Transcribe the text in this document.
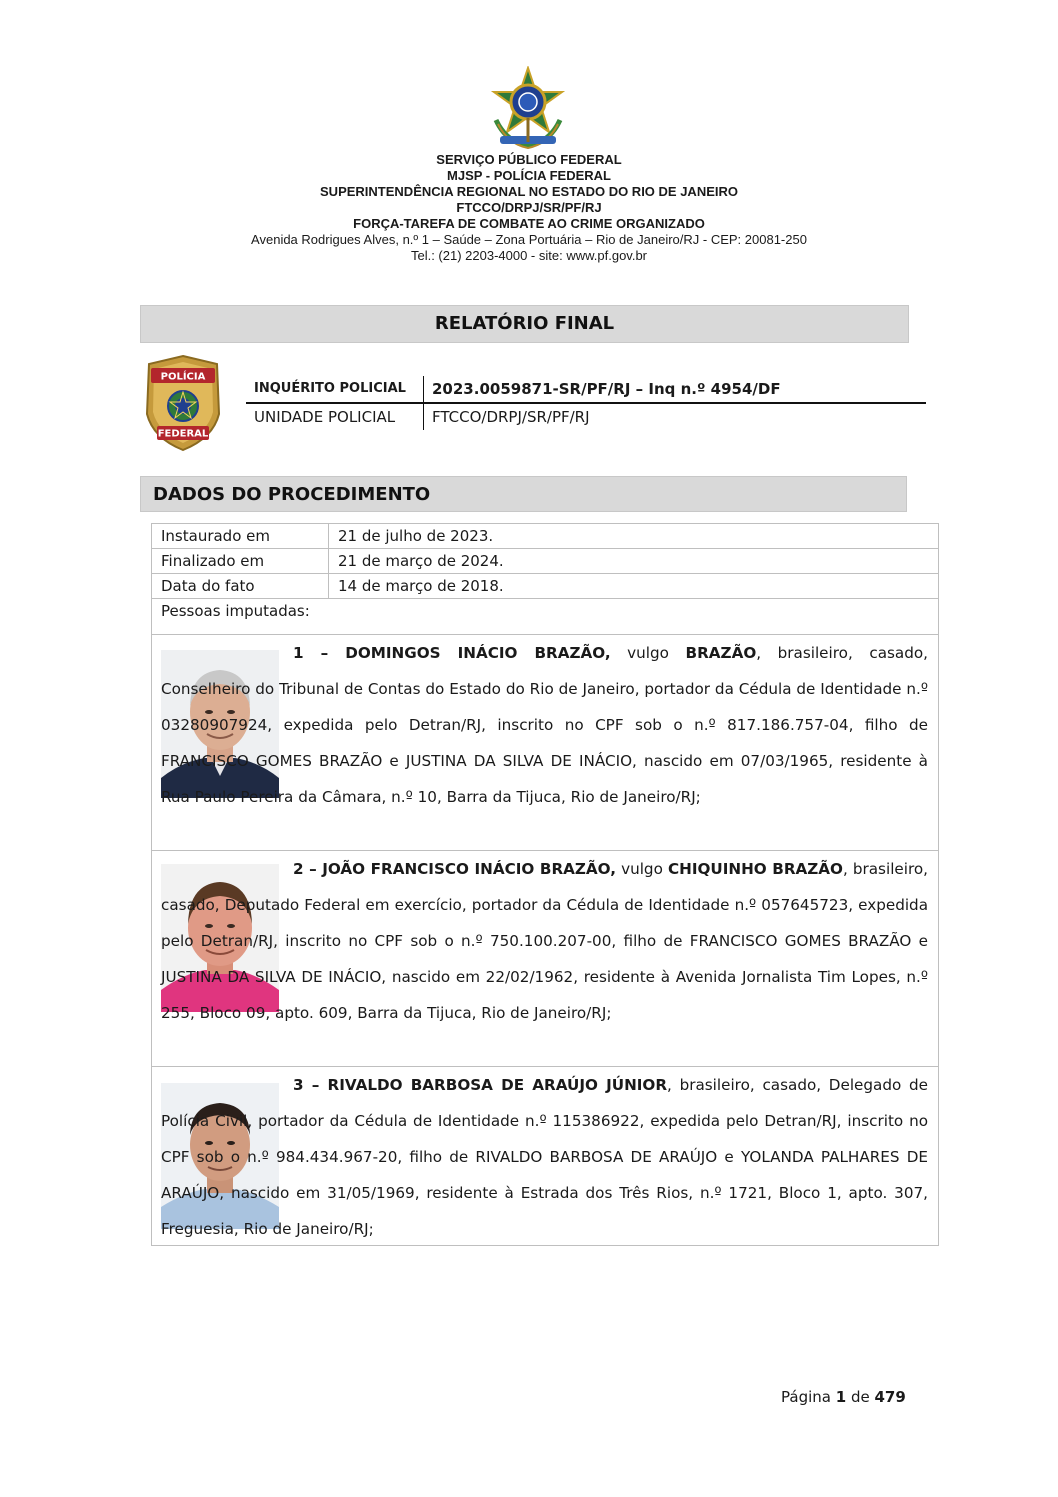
SERVIÇO PÚBLICO FEDERAL
MJSP - POLÍCIA FEDERAL
SUPERINTENDÊNCIA REGIONAL NO ESTADO DO RIO DE JANEIRO
FTCCO/DRPJ/SR/PF/RJ
FORÇA-TAREFA DE COMBATE AO CRIME ORGANIZADO
Avenida Rodrigues Alves, n.º 1 – Saúde – Zona Portuária – Rio de Janeiro/RJ - CEP: 20081-250
Tel.: (21) 2203-4000 - site: www.pf.gov.br
RELATÓRIO FINAL
POLÍCIA
FEDERAL
INQUÉRITO POLICIAL 2023.0059871-SR/PF/RJ – Inq n.º 4954/DF
UNIDADE POLICIAL FTCCO/DRPJ/SR/PF/RJ
DADOS DO PROCEDIMENTO
Instaurado em	21 de julho de 2023.
Finalizado em	21 de março de 2024.
Data do fato	14 de março de 2018.
Pessoas imputadas:
1 – DOMINGOS INÁCIO BRAZÃO, vulgo BRAZÃO, brasileiro, casado, Conselheiro do Tribunal de Contas do Estado do Rio de Janeiro, portador da Cédula de Identidade n.º 03280907924, expedida pelo Detran/RJ, inscrito no CPF sob o n.º 817.186.757-04, filho de FRANCISCO GOMES BRAZÃO e JUSTINA DA SILVA DE INÁCIO, nascido em 07/03/1965, residente à Rua Paulo Pereira da Câmara, n.º 10, Barra da Tijuca, Rio de Janeiro/RJ;
2 – JOÃO FRANCISCO INÁCIO BRAZÃO, vulgo CHIQUINHO BRAZÃO, brasileiro, casado, Deputado Federal em exercício, portador da Cédula de Identidade n.º 057645723, expedida pelo Detran/RJ, inscrito no CPF sob o n.º 750.100.207-00, filho de FRANCISCO GOMES BRAZÃO e JUSTINA DA SILVA DE INÁCIO, nascido em 22/02/1962, residente à Avenida Jornalista Tim Lopes, n.º 255, Bloco 09, apto. 609, Barra da Tijuca, Rio de Janeiro/RJ;
3 – RIVALDO BARBOSA DE ARAÚJO JÚNIOR, brasileiro, casado, Delegado de Polícia Civil, portador da Cédula de Identidade n.º 115386922, expedida pelo Detran/RJ, inscrito no CPF sob o n.º 984.434.967-20, filho de RIVALDO BARBOSA DE ARAÚJO e YOLANDA PALHARES DE ARAÚJO, nascido em 31/05/1969, residente à Estrada dos Três Rios, n.º 1721, Bloco 1, apto. 307, Freguesia, Rio de Janeiro/RJ;
Página 1 de 479
